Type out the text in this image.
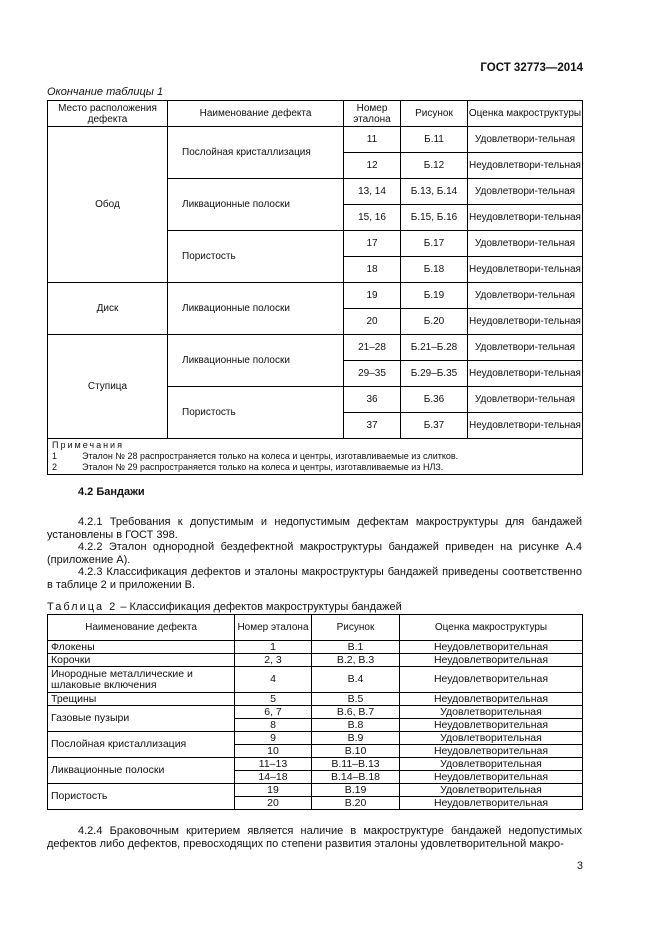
ГОСТ 32773—2014
Окончание таблицы 1
Место расположения дефекта	Наименование дефекта	Номер эталона	Рисунок	Оценка макроструктуры
Обод	Послойная кристаллизация	11	Б.11	Удовлетвори-тельная
		12	Б.12	Неудовлетвори-тельная
	Ликвационные полоски	13, 14	Б.13, Б.14	Удовлетвори-тельная
		15, 16	Б.15, Б.16	Неудовлетвори-тельная
	Пористость	17	Б.17	Удовлетвори-тельная
		18	Б.18	Неудовлетвори-тельная
Диск	Ликвационные полоски	19	Б.19	Удовлетвори-тельная
		20	Б.20	Неудовлетвори-тельная
Ступица	Ликвационные полоски	21–28	Б.21–Б.28	Удовлетвори-тельная
		29–35	Б.29–Б.35	Неудовлетвори-тельная
	Пористость	36	Б.36	Удовлетвори-тельная
		37	Б.37	Неудовлетвори-тельная

Примечания
1 Эталон № 28 распространяется только на колеса и центры, изготавливаемые из слитков.
2 Эталон № 29 распространяется только на колеса и центры, изготавливаемые из НЛЗ.				
4.2 Бандажи

4.2.1 Требования к допустимым и недопустимым дефектам макроструктуры для бандажей установлены в ГОСТ 398.

4.2.2 Эталон однородной бездефектной макроструктуры бандажей приведен на рисунке А.4 (приложение А).

4.2.3 Классификация дефектов и эталоны макроструктуры бандажей приведены соответственно в таблице 2 и приложении В.

Таблица 2 – Классификация дефектов макроструктуры бандажей
Наименование дефекта	Номер эталона	Рисунок	Оценка макроструктуры
Флокены	1	В.1	Неудовлетворительная
Корочки	2, 3	В.2, В.3	Неудовлетворительная
Инородные металлические и шлаковые включения	4	В.4	Неудовлетворительная
Трещины	5	В.5	Неудовлетворительная
Газовые пузыри	6, 7	В.6, В.7	Удовлетворительная
	8	В.8	Неудовлетворительная
Послойная кристаллизация	9	В.9	Удовлетворительная
	10	В.10	Неудовлетворительная
Ликвационные полоски	11–13	В.11–В.13	Удовлетворительная
	14–18	В.14–В.18	Неудовлетворительная
Пористость	19	В.19	Удовлетворительная
	20	В.20	Неудовлетворительная

4.2.4 Браковочным критерием является наличие в макроструктуре бандажей недопустимых дефектов либо дефектов, превосходящих по степени развития эталоны удовлетворительной макро-

3
